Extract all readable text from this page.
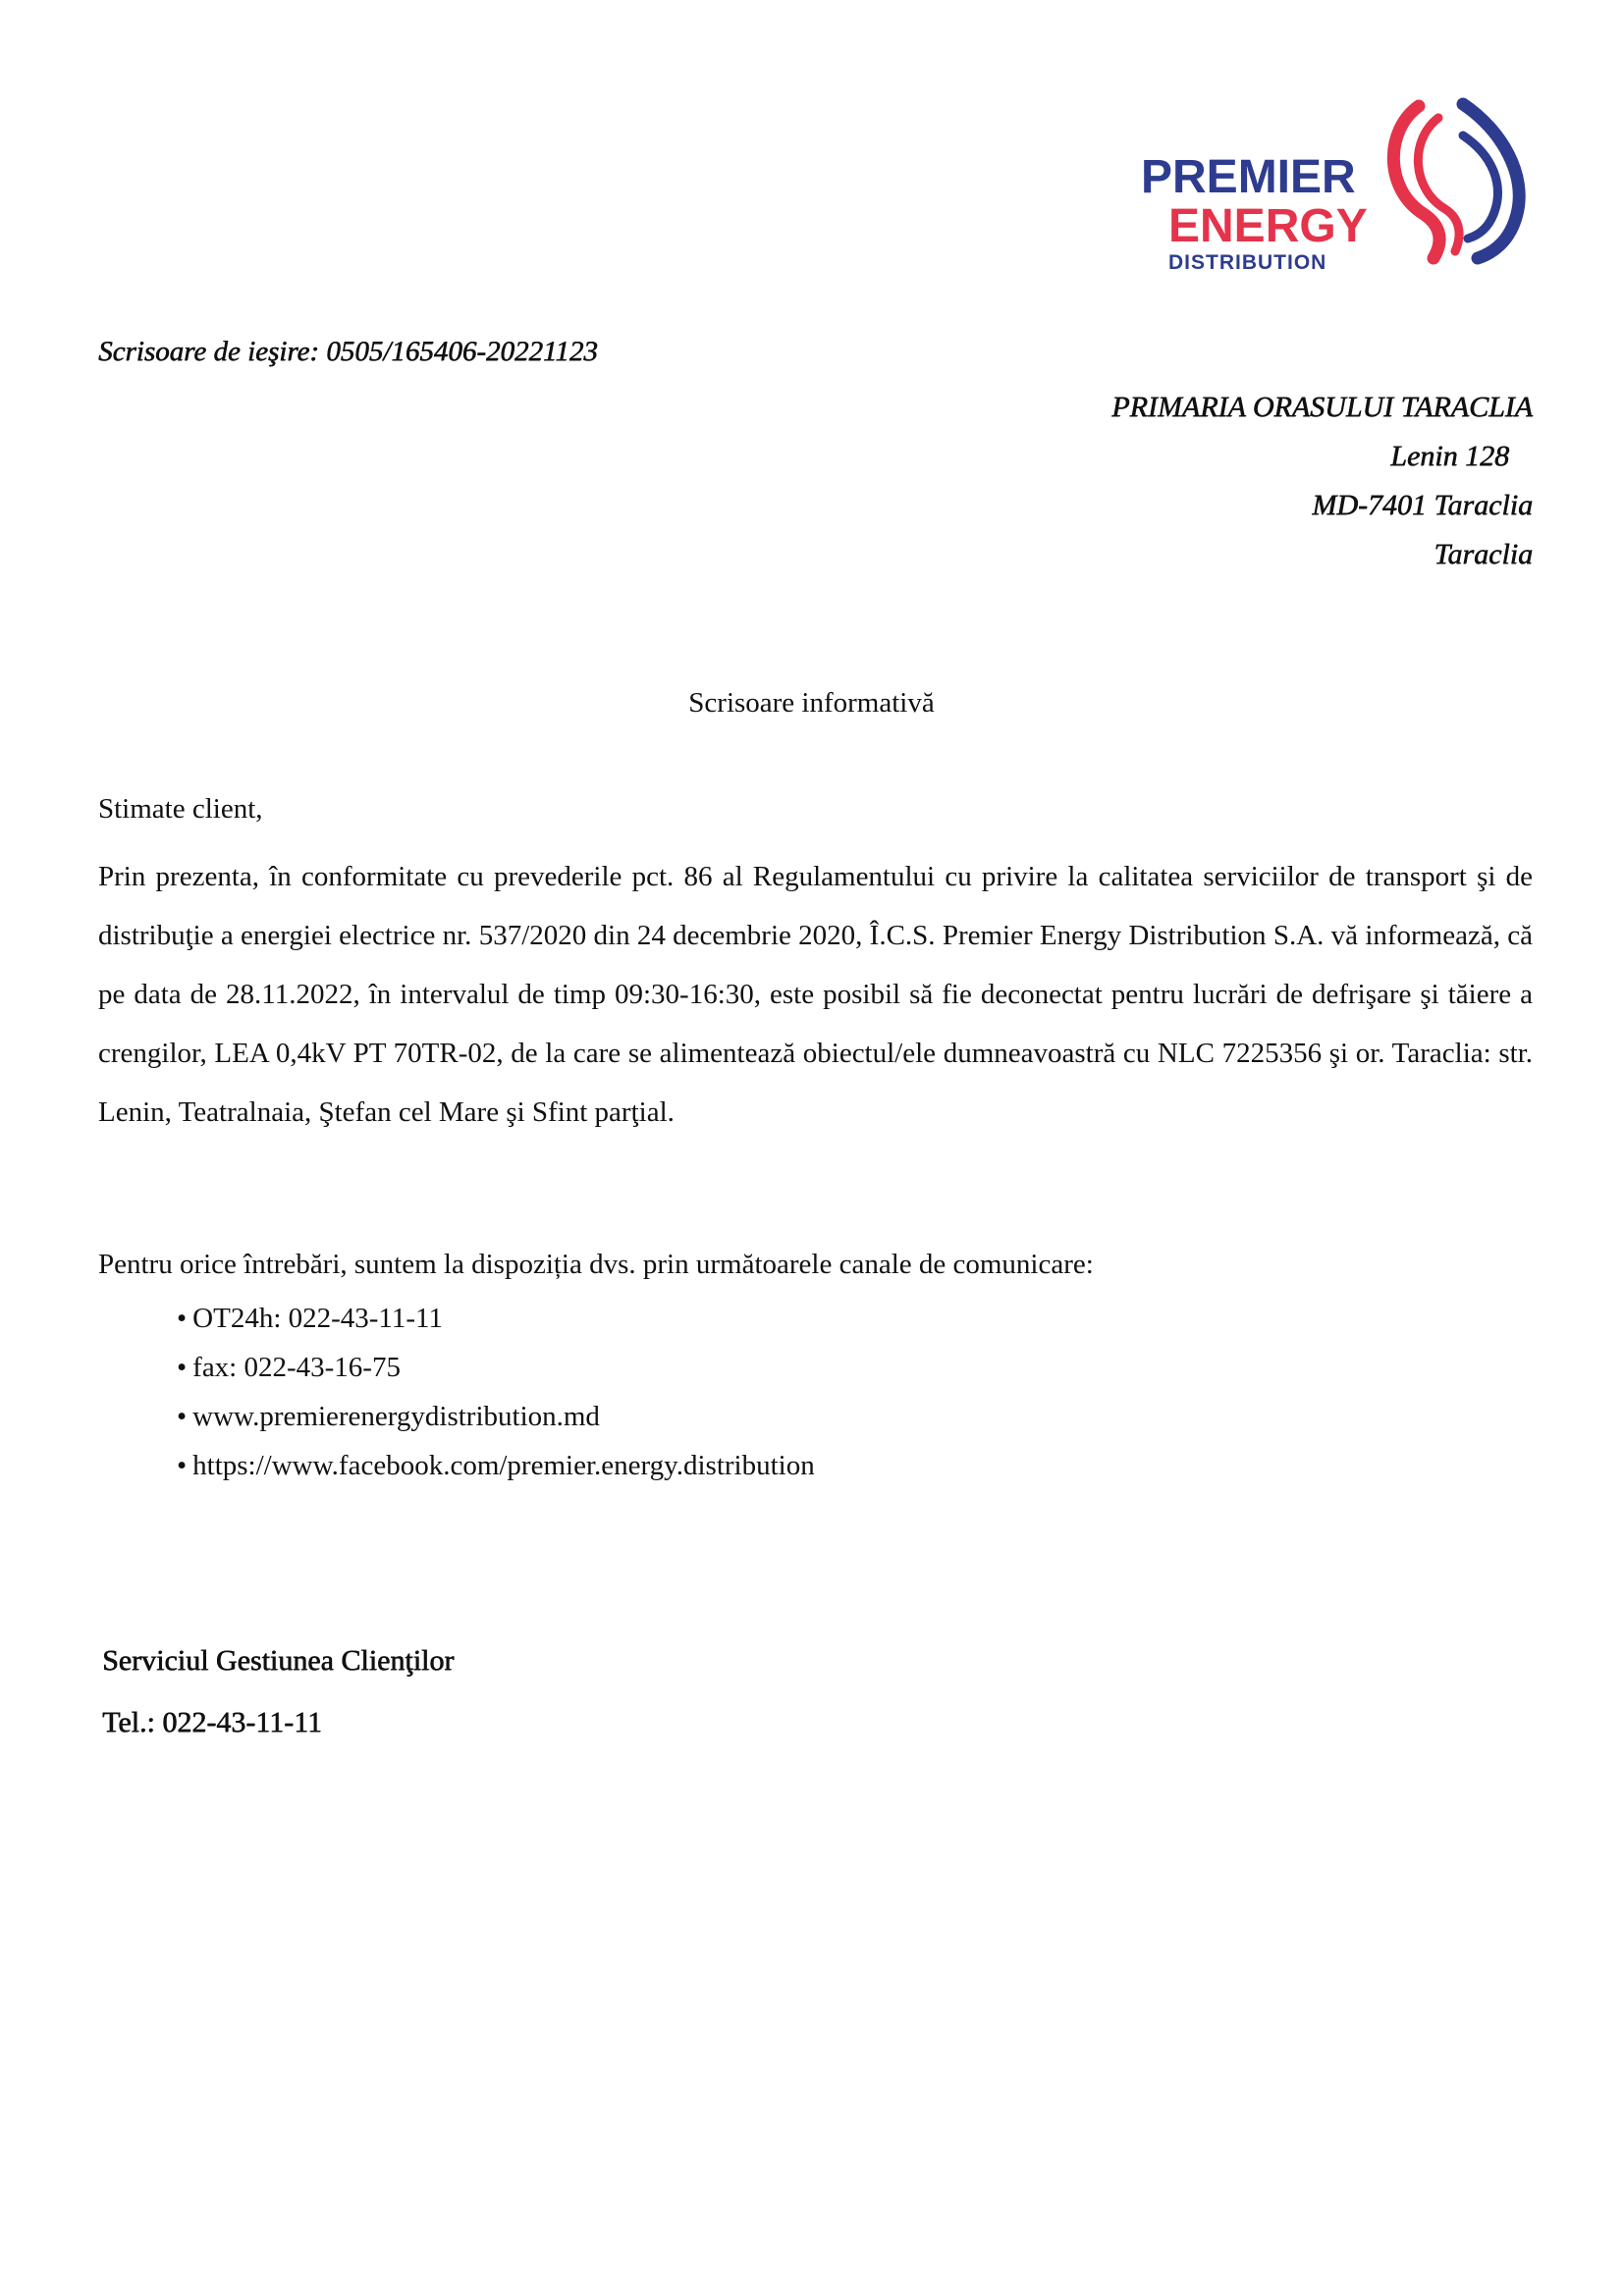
PREMIER
ENERGY
DISTRIBUTION
Scrisoare de ieşire: 0505/165406-20221123
PRIMARIA ORASULUI TARACLIA
Lenin 128
MD-7401 Taraclia
Taraclia
Scrisoare informativă
Stimate client,
Prin prezenta, în conformitate cu prevederile pct. 86 al Regulamentului cu privire la calitatea serviciilor de transport şi de distribuţie a energiei electrice nr. 537/2020 din 24 decembrie 2020, Î.C.S. Premier Energy Distribution S.A. vă informează, că pe data de 28.11.2022, în intervalul de timp 09:30-16:30, este posibil să fie deconectat pentru lucrări de defrişare şi tăiere a crengilor, LEA 0,4kV PT 70TR-02, de la care se alimentează obiectul/ele dumneavoastră cu NLC 7225356 şi or. Taraclia: str. Lenin, Teatralnaia, Ştefan cel Mare şi Sfint parţial.
Pentru orice întrebări, suntem la dispoziția dvs. prin următoarele canale de comunicare:
• OT24h: 022-43-11-11
• fax: 022-43-16-75
• www.premierenergydistribution.md
• https://www.facebook.com/premier.energy.distribution
Serviciul Gestiunea Clienţilor
Tel.: 022-43-11-11
